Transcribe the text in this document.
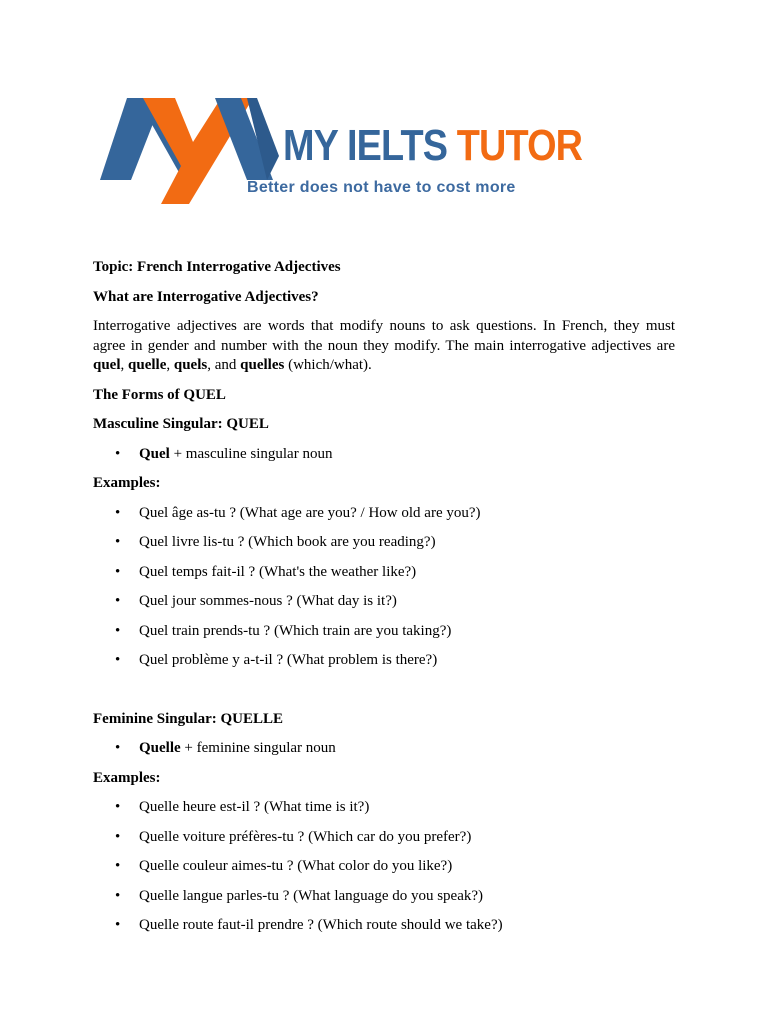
MY IELTS TUTOR
Better does not have to cost more

Topic: French Interrogative Adjectives

What are Interrogative Adjectives?

Interrogative adjectives are words that modify nouns to ask questions. In French, they must agree in gender and number with the noun they modify. The main interrogative adjectives are quel, quelle, quels, and quelles (which/what).

The Forms of QUEL

Masculine Singular: QUEL

• Quel + masculine singular noun

Examples:

• Quel âge as-tu ? (What age are you? / How old are you?)
• Quel livre lis-tu ? (Which book are you reading?)
• Quel temps fait-il ? (What's the weather like?)
• Quel jour sommes-nous ? (What day is it?)
• Quel train prends-tu ? (Which train are you taking?)
• Quel problème y a-t-il ? (What problem is there?)

Feminine Singular: QUELLE

• Quelle + feminine singular noun

Examples:

• Quelle heure est-il ? (What time is it?)
• Quelle voiture préfères-tu ? (Which car do you prefer?)
• Quelle couleur aimes-tu ? (What color do you like?)
• Quelle langue parles-tu ? (What language do you speak?)
• Quelle route faut-il prendre ? (Which route should we take?)
